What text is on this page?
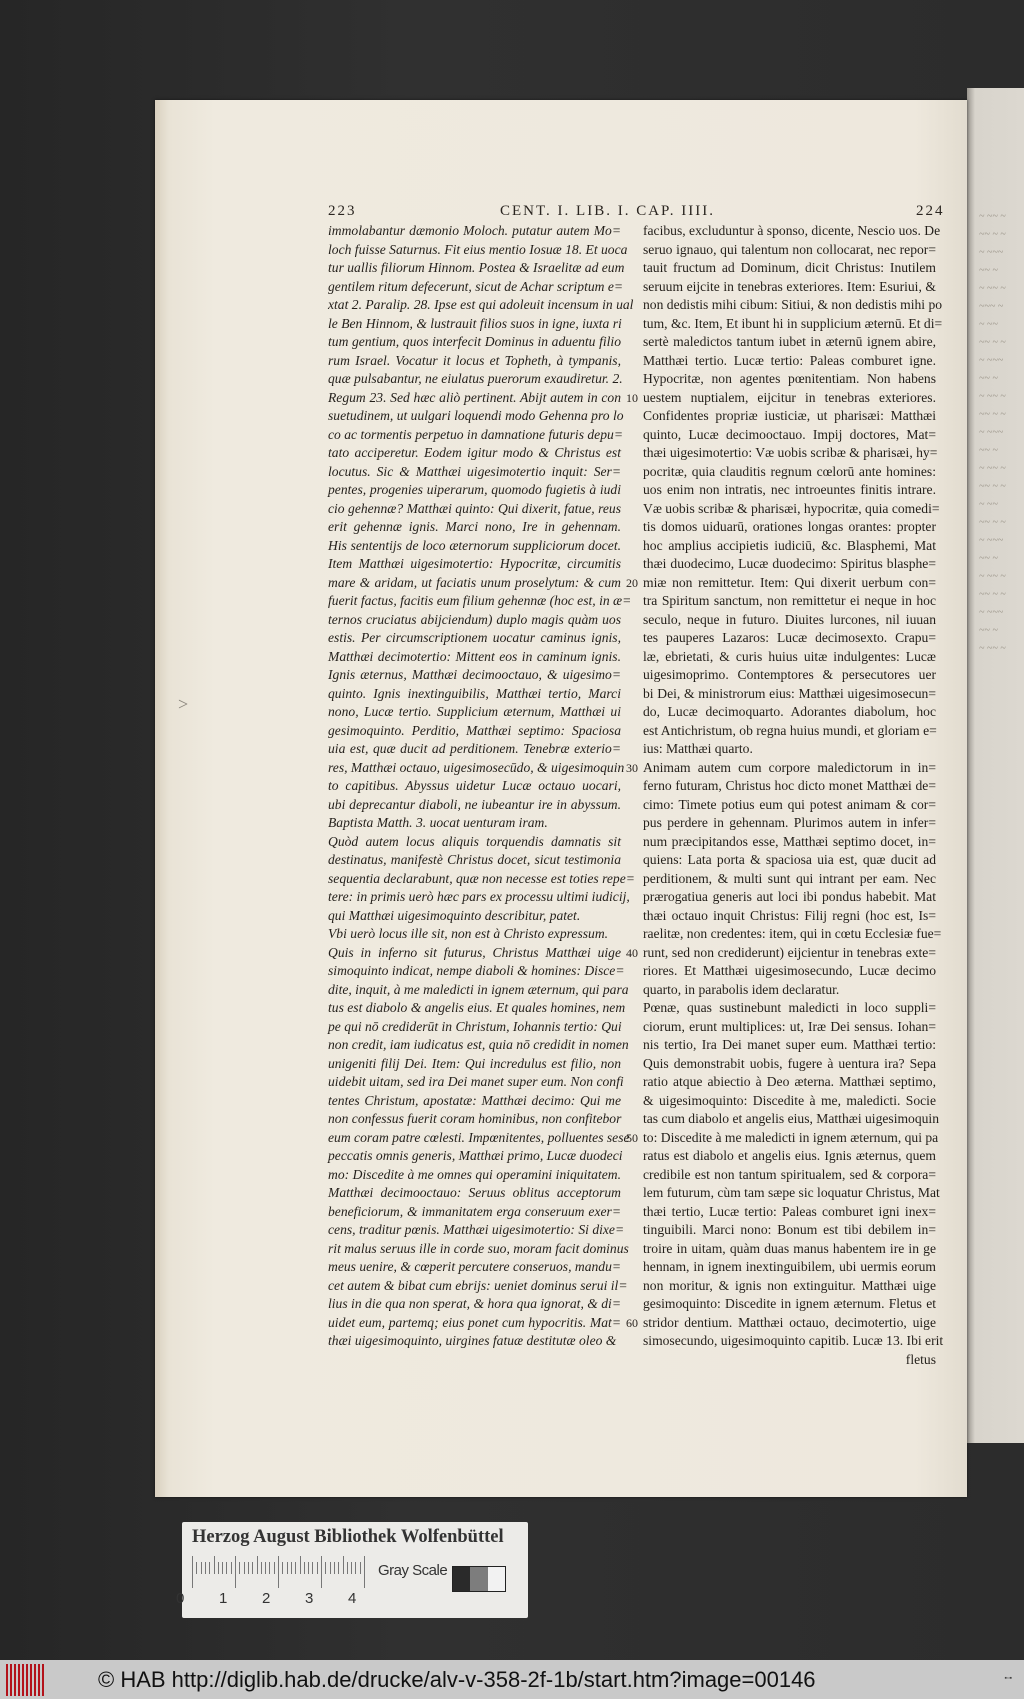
~ ~~ ~
~~ ~ ~
~ ~~~
~~ ~
~ ~~ ~
~~~ ~
~ ~~
~~ ~ ~
~ ~~~
~~ ~
~ ~~ ~
~~ ~ ~
~ ~~~
~~ ~
~ ~~ ~
~~ ~ ~
~ ~~
~~ ~ ~
~ ~~~
~~ ~
~ ~~ ~
~~ ~ ~
~ ~~~
~~ ~
~ ~~ ~
>
223	CENT. I. LIB. I. CAP. IIII.	224
immolabantur dæmonio Moloch. putatur autem Mo=
loch fuisse Saturnus. Fit eius mentio Iosuæ 18. Et uoca
tur uallis filiorum Hinnom. Postea & Israelitæ ad eum
gentilem ritum defecerunt, sicut de Achar scriptum e=
xtat 2. Paralip. 28. Ipse est qui adoleuit incensum in ual
le Ben Hinnom, & lustrauit filios suos in igne, iuxta ri
tum gentium, quos interfecit Dominus in aduentu filio
rum Israel. Vocatur it locus et Topheth, à tympanis,
quæ pulsabantur, ne eiulatus puerorum exaudiretur. 2.
Regum 23. Sed hæc aliò pertinent. Abijt autem in con
suetudinem, ut uulgari loquendi modo Gehenna pro lo
co ac tormentis perpetuo in damnatione futuris depu=
tato acciperetur. Eodem igitur modo & Christus est
locutus. Sic & Matthæi uigesimotertio inquit: Ser=
pentes, progenies uiperarum, quomodo fugietis à iudi
cio gehennæ? Matthæi quinto: Qui dixerit, fatue, reus
erit gehennæ ignis. Marci nono, Ire in gehennam.
His sententijs de loco æternorum suppliciorum docet.
Item Matthæi uigesimotertio: Hypocritæ, circumitis
mare & aridam, ut faciatis unum proselytum: & cum
fuerit factus, facitis eum filium gehennæ (hoc est, in æ=
ternos cruciatus abijciendum) duplo magis quàm uos
estis. Per circumscriptionem uocatur caminus ignis,
Matthæi decimotertio: Mittent eos in caminum ignis.
Ignis æternus, Matthæi decimooctauo, & uigesimo=
quinto. Ignis inextinguibilis, Matthæi tertio, Marci
nono, Lucæ tertio. Supplicium æternum, Matthæi ui
gesimoquinto. Perditio, Matthæi septimo: Spaciosa
uia est, quæ ducit ad perditionem. Tenebræ exterio=
res, Matthæi octauo, uigesimosecūdo, & uigesimoquin
to capitibus. Abyssus uidetur Lucæ octauo uocari,
ubi deprecantur diaboli, ne iubeantur ire in abyssum.
Baptista Matth. 3. uocat uenturam iram.
Quòd autem locus aliquis torquendis damnatis sit
destinatus, manifestè Christus docet, sicut testimonia
sequentia declarabunt, quæ non necesse est toties repe=
tere: in primis uerò hæc pars ex processu ultimi iudicij,
qui Matthæi uigesimoquinto describitur, patet.
Vbi uerò locus ille sit, non est à Christo expressum.
Quis in inferno sit futurus, Christus Matthæi uige
simoquinto indicat, nempe diaboli & homines: Disce=
dite, inquit, à me maledicti in ignem æternum, qui para
tus est diabolo & angelis eius. Et quales homines, nem
pe qui nō crediderūt in Christum, Iohannis tertio: Qui
non credit, iam iudicatus est, quia nō credidit in nomen
unigeniti filij Dei. Item: Qui incredulus est filio, non
uidebit uitam, sed ira Dei manet super eum. Non confi
tentes Christum, apostatæ: Matthæi decimo: Qui me
non confessus fuerit coram hominibus, non confitebor
eum coram patre cœlesti. Impœnitentes, polluentes sese
peccatis omnis generis, Matthæi primo, Lucæ duodeci
mo: Discedite à me omnes qui operamini iniquitatem.
Matthæi decimooctauo: Seruus oblitus acceptorum
beneficiorum, & immanitatem erga conseruum exer=
cens, traditur pœnis. Matthæi uigesimotertio: Si dixe=
rit malus seruus ille in corde suo, moram facit dominus
meus uenire, & cœperit percutere conseruos, mandu=
cet autem & bibat cum ebrijs: ueniet dominus serui il=
lius in die qua non sperat, & hora qua ignorat, & di=
uidet eum, partemq; eius ponet cum hypocritis. Mat=
thæi uigesimoquinto, uirgines fatuæ destitutæ oleo &
facibus, excluduntur à sponso, dicente, Nescio uos. De
seruo ignauo, qui talentum non collocarat, nec repor=
tauit fructum ad Dominum, dicit Christus: Inutilem
seruum eijcite in tenebras exteriores. Item: Esuriui, &
non dedistis mihi cibum: Sitiui, & non dedistis mihi po
tum, &c. Item, Et ibunt hi in supplicium æternū. Et di=
sertè maledictos tantum iubet in æternū ignem abire,
Matthæi tertio. Lucæ tertio: Paleas comburet igne.
Hypocritæ, non agentes pœnitentiam. Non habens
uestem nuptialem, eijcitur in tenebras exteriores.
Confidentes propriæ iusticiæ, ut pharisæi: Matthæi
quinto, Lucæ decimooctauo. Impij doctores, Mat=
thæi uigesimotertio: Væ uobis scribæ & pharisæi, hy=
pocritæ, quia clauditis regnum cœlorū ante homines:
uos enim non intratis, nec introeuntes finitis intrare.
Væ uobis scribæ & pharisæi, hypocritæ, quia comedi=
tis domos uiduarū, orationes longas orantes: propter
hoc amplius accipietis iudiciū, &c. Blasphemi, Mat
thæi duodecimo, Lucæ duodecimo: Spiritus blasphe=
miæ non remittetur. Item: Qui dixerit uerbum con=
tra Spiritum sanctum, non remittetur ei neque in hoc
seculo, neque in futuro. Diuites lurcones, nil iuuan
tes pauperes Lazaros: Lucæ decimosexto. Crapu=
læ, ebrietati, & curis huius uitæ indulgentes: Lucæ
uigesimoprimo. Contemptores & persecutores uer
bi Dei, & ministrorum eius: Matthæi uigesimosecun=
do, Lucæ decimoquarto. Adorantes diabolum, hoc
est Antichristum, ob regna huius mundi, et gloriam e=
ius: Matthæi quarto.
Animam autem cum corpore maledictorum in in=
ferno futuram, Christus hoc dicto monet Matthæi de=
cimo: Timete potius eum qui potest animam & cor=
pus perdere in gehennam. Plurimos autem in infer=
num præcipitandos esse, Matthæi septimo docet, in=
quiens: Lata porta & spaciosa uia est, quæ ducit ad
perditionem, & multi sunt qui intrant per eam. Nec
prærogatiua generis aut loci ibi pondus habebit. Mat
thæi octauo inquit Christus: Filij regni (hoc est, Is=
raelitæ, non credentes: item, qui in cœtu Ecclesiæ fue=
runt, sed non crediderunt) eijcientur in tenebras exte=
riores. Et Matthæi uigesimosecundo, Lucæ decimo
quarto, in parabolis idem declaratur.
Pœnæ, quas sustinebunt maledicti in loco suppli=
ciorum, erunt multiplices: ut, Iræ Dei sensus. Iohan=
nis tertio, Ira Dei manet super eum. Matthæi tertio:
Quis demonstrabit uobis, fugere à uentura ira? Sepa
ratio atque abiectio à Deo æterna. Matthæi septimo,
& uigesimoquinto: Discedite à me, maledicti. Socie
tas cum diabolo et angelis eius, Matthæi uigesimoquin
to: Discedite à me maledicti in ignem æternum, qui pa
ratus est diabolo et angelis eius. Ignis æternus, quem
credibile est non tantum spiritualem, sed & corpora=
lem futurum, cùm tam sæpe sic loquatur Christus, Mat
thæi tertio, Lucæ tertio: Paleas comburet igni inex=
tinguibili. Marci nono: Bonum est tibi debilem in=
troire in uitam, quàm duas manus habentem ire in ge
hennam, in ignem inextinguibilem, ubi uermis eorum
non moritur, & ignis non extinguitur. Matthæi uige
gesimoquinto: Discedite in ignem æternum. Fletus et
stridor dentium. Matthæi octauo, decimotertio, uige
simosecundo, uigesimoquinto capitib. Lucæ 13. Ibi erit
fletus
10
20
30
40
50
60
Herzog August Bibliothek Wolfenbüttel
0 1 2 3 4
Gray Scale
© HAB http://diglib.hab.de/drucke/alv-v-358-2f-1b/start.htm?image=00146	▪▫▪
